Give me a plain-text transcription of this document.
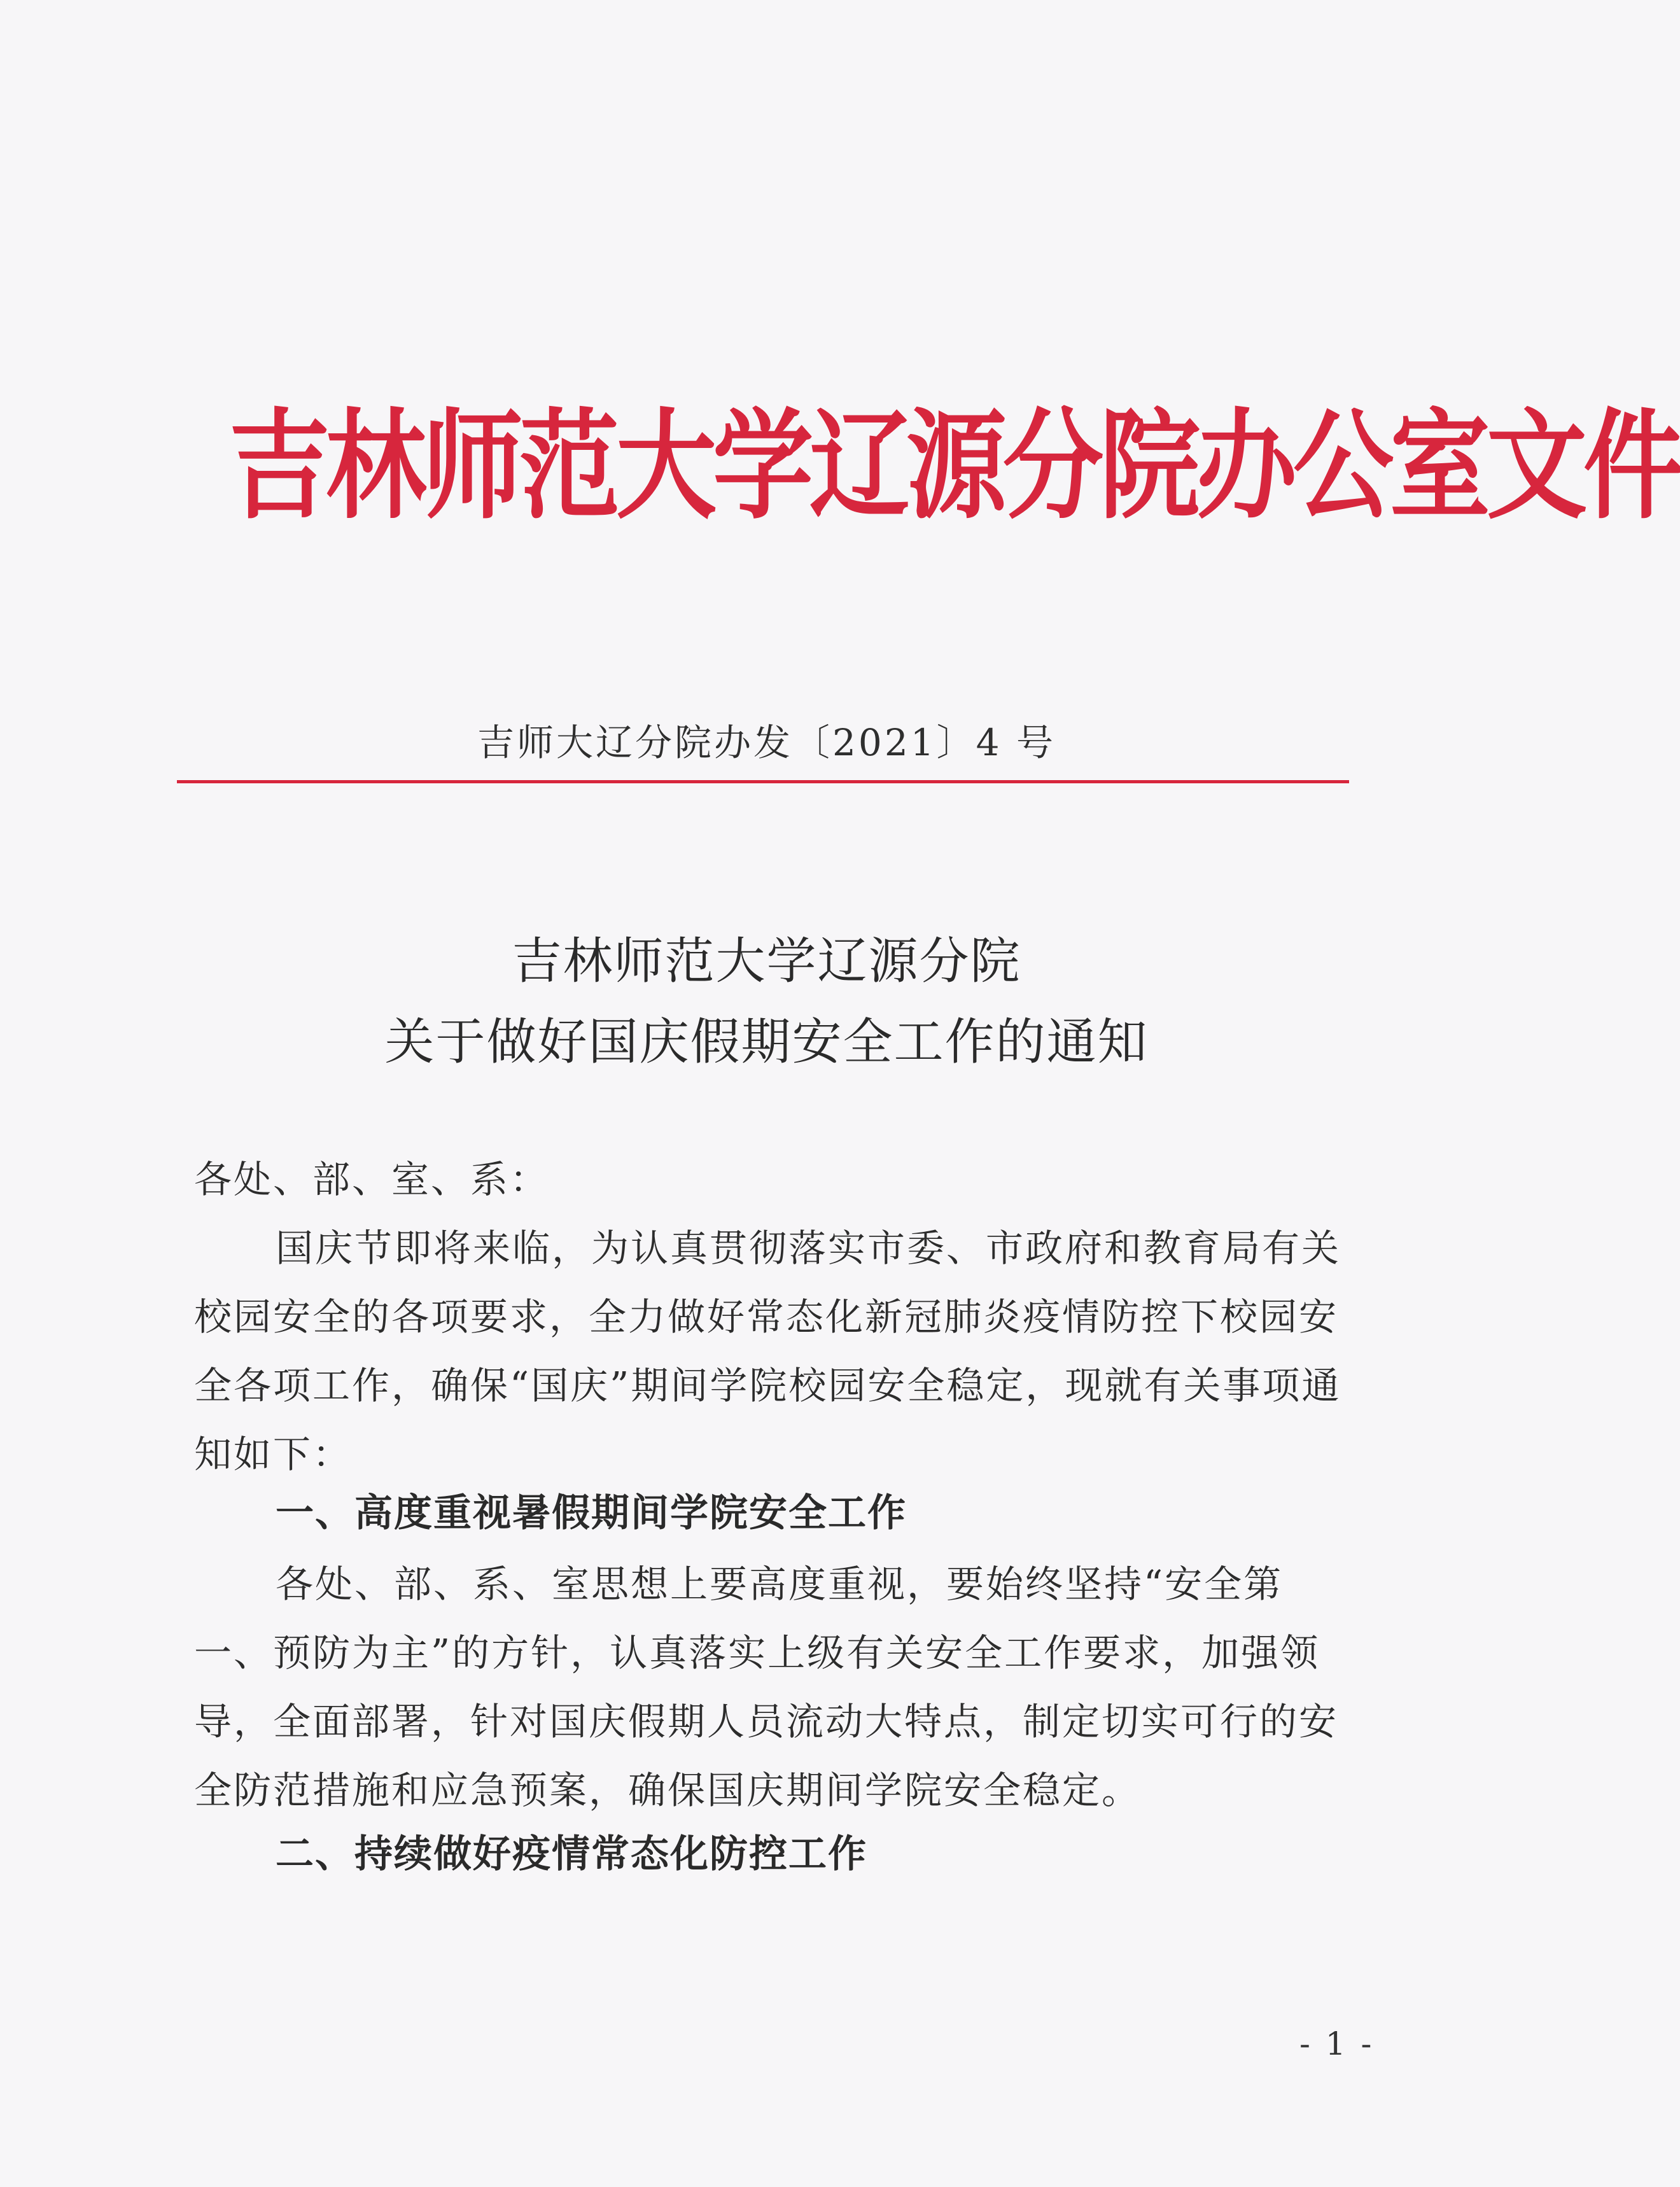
吉林师范大学辽源分院办公室文件
吉师大辽分院办发〔2021〕4 号
吉林师范大学辽源分院
关于做好国庆假期安全工作的通知
各处、部、室、系：
国庆节即将来临，为认真贯彻落实市委、市政府和教育局有关校园安全的各项要求，全力做好常态化新冠肺炎疫情防控下校园安全各项工作，确保“国庆”期间学院校园安全稳定，现就有关事项通知如下：
一、高度重视暑假期间学院安全工作
各处、部、系、室思想上要高度重视，要始终坚持“安全第一、预防为主”的方针，认真落实上级有关安全工作要求，加强领导，全面部署，针对国庆假期人员流动大特点，制定切实可行的安全防范措施和应急预案，确保国庆期间学院安全稳定。
二、持续做好疫情常态化防控工作
- 1 -
